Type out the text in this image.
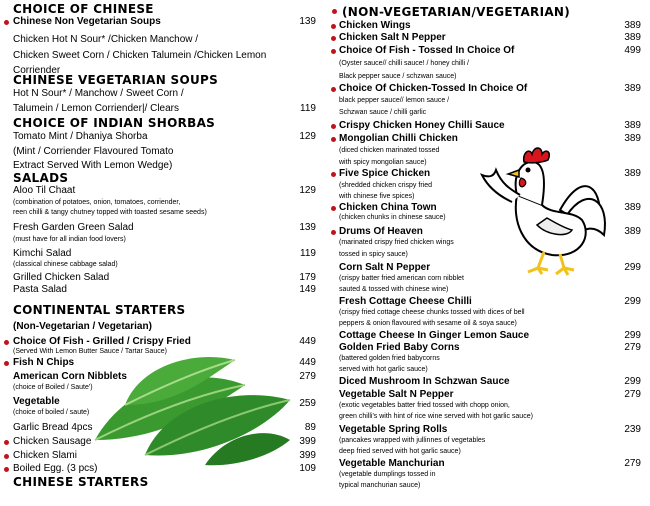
CHOICE OF CHINESE
Chinese Non Vegetarian Soups	139
Chicken Hot N Sour* /Chicken Manchow /
Chicken Sweet Corn / Chicken Talumein /Chicken Lemon
Corriender
CHINESE VEGETARIAN SOUPS
Hot N Sour* / Manchow / Sweet Corn /
Talumein / Lemon Corriender|/ Clears	119
CHOICE OF INDIAN SHORBAS
Tomato Mint / Dhaniya Shorba	129
(Mint / Corriender Flavoured Tomato
Extract Served With Lemon Wedge)
SALADS
Aloo Til Chaat	129
(combination of potatoes, onion, tomatoes, corriender,
reen chilli & tangy chutney topped with toasted sesame seeds)
Fresh Garden Green Salad	139
(must have for all indian food lovers)
Kimchi Salad	119
(classical chinese cabbage salad)
Grilled Chicken Salad	179
Pasta Salad	149
CONTINENTAL STARTERS
(Non-Vegetarian / Vegetarian)
Choice Of Fish - Grilled / Crispy Fried	449
(Served With Lemon Butter Sauce / Tartar Sauce)
Fish N Chips	449
American Corn Nibblets	279
(choice of Boiled / Saute')
Vegetable	259
(choice of boiled / saute)
Garlic Bread 4pcs	89
Chicken Sausage	399
Chicken Slami	399
Boiled Egg. (3 pcs)	109
CHINESE STARTERS
(NON-VEGETARIAN/VEGETARIAN)
Chicken Wings	389
Chicken Salt N Pepper	389
Choice Of Fish - Tossed In Choice Of	499
(Oyster sauce// chilli sauce! / honey chilli /
Black pepper sauce / schzwan sauce)
Choice Of Chicken-Tossed In Choice Of	389
black pepper sauce// lemon sauce /
Schzwan sauce / chilli garlic
Crispy Chicken Honey Chilli Sauce	389
Mongolian Chilli Chicken	389
(diced chicken marinated tossed
with spicy mongolian sauce)
Five Spice Chicken	389
(shredded chicken crispy fried
with chinese five spices)
Chicken China Town	389
(chicken chunks in chinese sauce)
Drums Of Heaven	389
(marinated crispy fried chicken wings
tossed in spicy sauce)
Corn Salt N Pepper	299
(crispy batter fried american corn nibblet
sauted & tossed with chinese wine)
Fresh Cottage Cheese Chilli	299
(crispy fried cottage cheese chunks tossed with dices of bell
peppers & onion flavoured with sesame oil & soya sauce)
Cottage Cheese In Ginger Lemon Sauce	299
Golden Fried Baby Corns	279
(battered golden fried babycorns
served with hot garlic sauce)
Diced Mushroom In Schzwan Sauce	299
Vegetable Salt N Pepper	279
(exotic vegetables batter fried tossed with chopp onion,
green chilli's with hint of rice wine served with hot garlic sauce)
Vegetable Spring Rolls	239
(pancakes wrapped with jullinnes of vegetables
deep fried served with hot garlic sauce)
Vegetable Manchurian	279
(vegetable dumplings tossed in
typical manchurian sauce)
